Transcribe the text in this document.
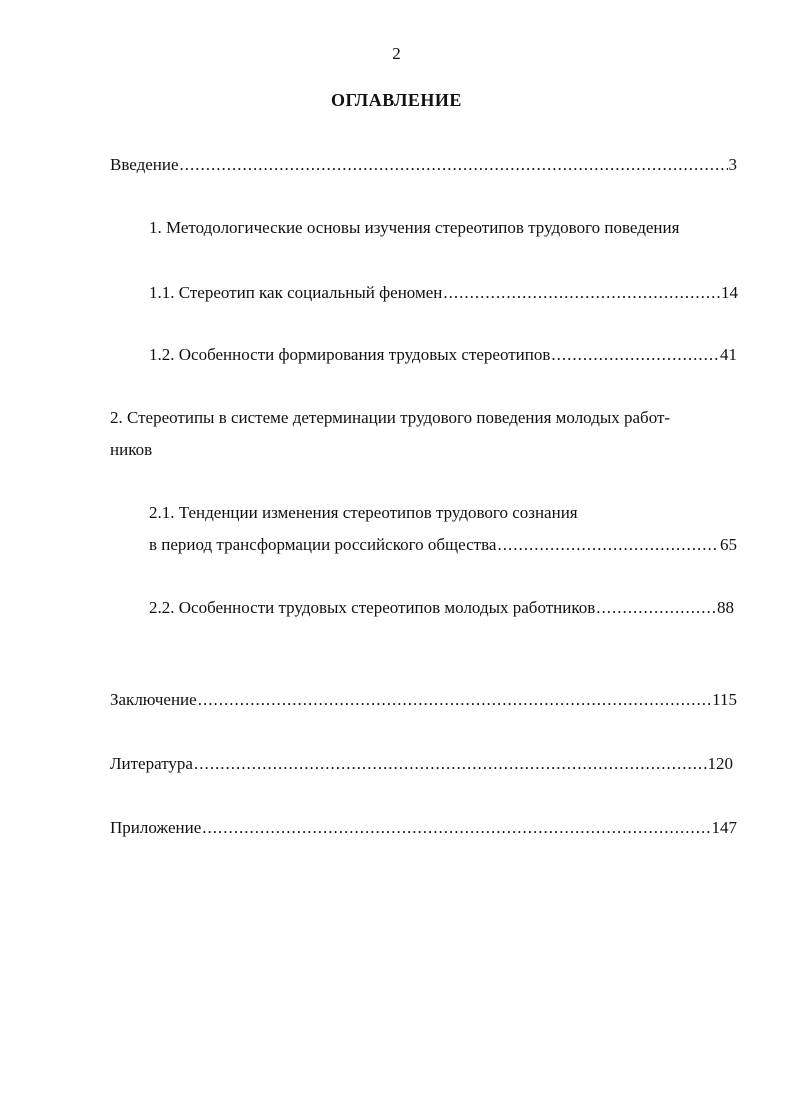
2
ОГЛАВЛЕНИЕ
Введение .....	3
1. Методологические основы изучения стереотипов трудового поведения
1.1. Стереотип как социальный феномен .....	14
1.2. Особенности формирования трудовых стереотипов .....	41
2. Стереотипы в системе детерминации трудового поведения молодых работ-
ников
2.1. Тенденции изменения стереотипов трудового сознания
в период трансформации российского общества .....	65
2.2. Особенности трудовых стереотипов молодых работников .....	88
Заключение .....	115
Литература .....	120
Приложение .....	147
